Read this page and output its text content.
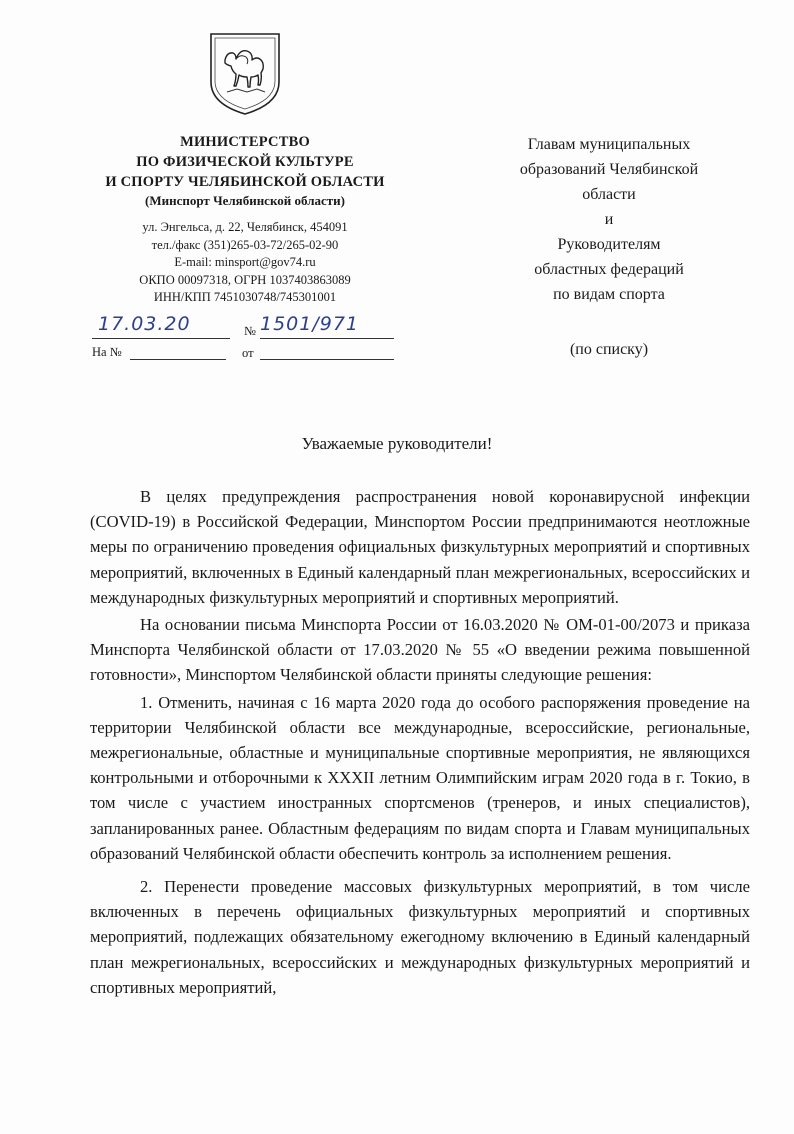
МИНИСТЕРСТВО
ПО ФИЗИЧЕСКОЙ КУЛЬТУРЕ
И СПОРТУ ЧЕЛЯБИНСКОЙ ОБЛАСТИ
(Минспорт Челябинской области)
ул. Энгельса, д. 22, Челябинск, 454091
тел./факс (351)265-03-72/265-02-90
E-mail: minsport@gov74.ru
ОКПО 00097318, ОГРН 1037403863089
ИНН/КПП 7451030748/745301001
17.03.20	№ 1501/971
На №	от
Главам муниципальных
образований Челябинской
области
и
Руководителям
областных федераций
по видам спорта
(по списку)
Уважаемые руководители!

В целях предупреждения распространения новой коронавирусной инфекции (COVID-19) в Российской Федерации, Минспортом России предпринимаются неотложные меры по ограничению проведения официальных физкультурных мероприятий и спортивных мероприятий, включенных в Единый календарный план межрегиональных, всероссийских и международных физкультурных мероприятий и спортивных мероприятий.

На основании письма Минспорта России от 16.03.2020 № ОМ-01-00/2073 и приказа Минспорта Челябинской области от 17.03.2020 № 55 «О введении режима повышенной готовности», Минспортом Челябинской области приняты следующие решения:

1. Отменить, начиная с 16 марта 2020 года до особого распоряжения проведение на территории Челябинской области все международные, всероссийские, региональные, межрегиональные, областные и муниципальные спортивные мероприятия, не являющихся контрольными и отборочными к XXXII летним Олимпийским играм 2020 года в г. Токио, в том числе с участием иностранных спортсменов (тренеров, и иных специалистов), запланированных ранее. Областным федерациям по видам спорта и Главам муниципальных образований Челябинской области обеспечить контроль за исполнением решения.

2. Перенести проведение массовых физкультурных мероприятий, в том числе включенных в перечень официальных физкультурных мероприятий и спортивных мероприятий, подлежащих обязательному ежегодному включению в Единый календарный план межрегиональных, всероссийских и международных физкультурных мероприятий и спортивных мероприятий,
